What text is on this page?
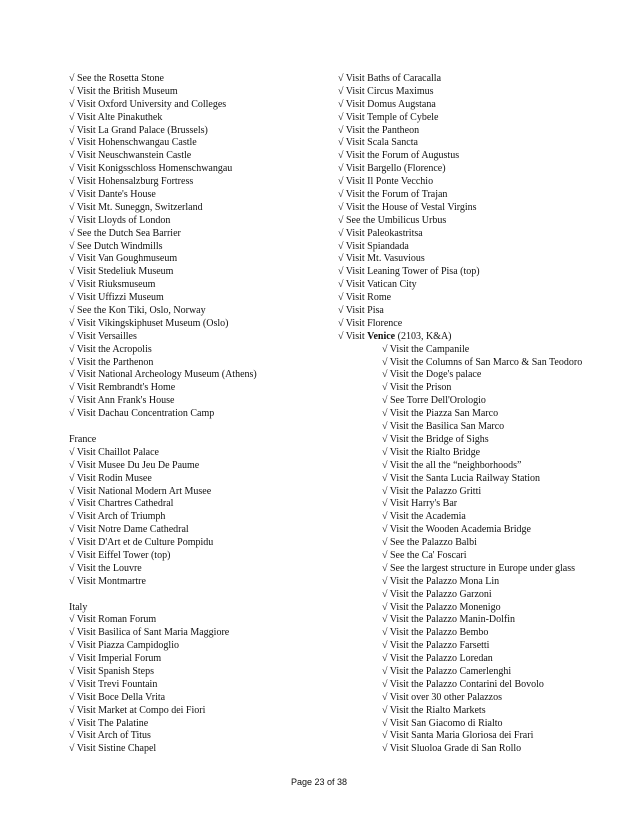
√ See the Rosetta Stone
√ Visit the British Museum
√ Visit Oxford University and Colleges
√ Visit Alte Pinakuthek
√ Visit La Grand Palace (Brussels)
√ Visit Hohenschwangau Castle
√ Visit Neuschwanstein Castle
√ Visit Konigsschloss Homenschwangau
√ Visit Hohensalzburg Fortress
√ Visit Dante's House
√ Visit Mt. Suneggn, Switzerland
√ Visit Lloyds of London
√ See the Dutch Sea Barrier
√ See Dutch Windmills
√ Visit Van Goughmuseum
√ Visit Stedeliuk Museum
√ Visit Riuksmuseum
√ Visit Uffizzi Museum
√ See the Kon Tiki, Oslo, Norway
√ Visit Vikingskiphuset Museum (Oslo)
√ Visit Versailles
√ Visit the Acropolis
√ Visit the Parthenon
√ Visit National Archeology Museum (Athens)
√ Visit Rembrandt's Home
√ Visit Ann Frank's House
√ Visit Dachau Concentration Camp
France
√ Visit Chaillot Palace
√ Visit Musee Du Jeu De Paume
√ Visit Rodin Musee
√ Visit National Modern Art Musee
√ Visit Chartres Cathedral
√ Visit Arch of Triumph
√ Visit Notre Dame Cathedral
√ Visit D'Art et de Culture Pompidu
√ Visit Eiffel Tower (top)
√ Visit the Louvre
√ Visit Montmartre
Italy
√ Visit Roman Forum
√ Visit Basilica of Sant Maria Maggiore
√ Visit Piazza Campidoglio
√ Visit Imperial Forum
√ Visit Spanish Steps
√ Visit Trevi Fountain
√ Visit Boce Della Vrita
√ Visit Market at Compo dei Fiori
√ Visit The Palatine
√ Visit Arch of Titus
√ Visit Sistine Chapel
√ Visit Baths of Caracalla
√ Visit Circus Maximus
√ Visit Domus Augstana
√ Visit Temple of Cybele
√ Visit the Pantheon
√ Visit Scala Sancta
√ Visit the Forum of Augustus
√ Visit Bargello (Florence)
√ Visit Il Ponte Vecchio
√ Visit the Forum of Trajan
√ Visit the House of Vestal Virgins
√ See the Umbilicus Urbus
√ Visit Paleokastritsa
√ Visit Spiandada
√ Visit Mt. Vasuvious
√ Visit Leaning Tower of Pisa (top)
√ Visit Vatican City
√ Visit Rome
√ Visit Pisa
√ Visit Florence
√ Visit Venice (2103, K&A)
√ Visit the Campanile
√ Visit the Columns of San Marco & San Teodoro
√ Visit the Doge's palace
√ Visit the Prison
√ See Torre Dell'Orologio
√ Visit the Piazza San Marco
√ Visit the Basilica San Marco
√ Visit the Bridge of Sighs
√ Visit the Rialto Bridge
√ Visit the all the “neighborhoods”
√ Visit the Santa Lucia Railway Station
√ Visit the Palazzo Gritti
√ Visit Harry's Bar
√ Visit the Academia
√ Visit the Wooden Academia Bridge
√ See the Palazzo Balbi
√ See the Ca' Foscari
√ See the largest structure in Europe under glass
√ Visit the Palazzo Mona Lin
√ Visit the Palazzo Garzoni
√ Visit the Palazzo Monenigo
√ Visit the Palazzo Manin-Dolfin
√ Visit the Palazzo Bembo
√ Visit the Palazzo Farsetti
√ Visit the Palazzo Loredan
√ Visit the Palazzo Camerlenghi
√ Visit the Palazzo Contarini del Bovolo
√ Visit over 30 other Palazzos
√ Visit the Rialto Markets
√ Visit San Giacomo di Rialto
√ Visit Santa Maria Gloriosa dei Frari
√ Visit Sluoloa Grade di San Rollo
Page 23 of 38
